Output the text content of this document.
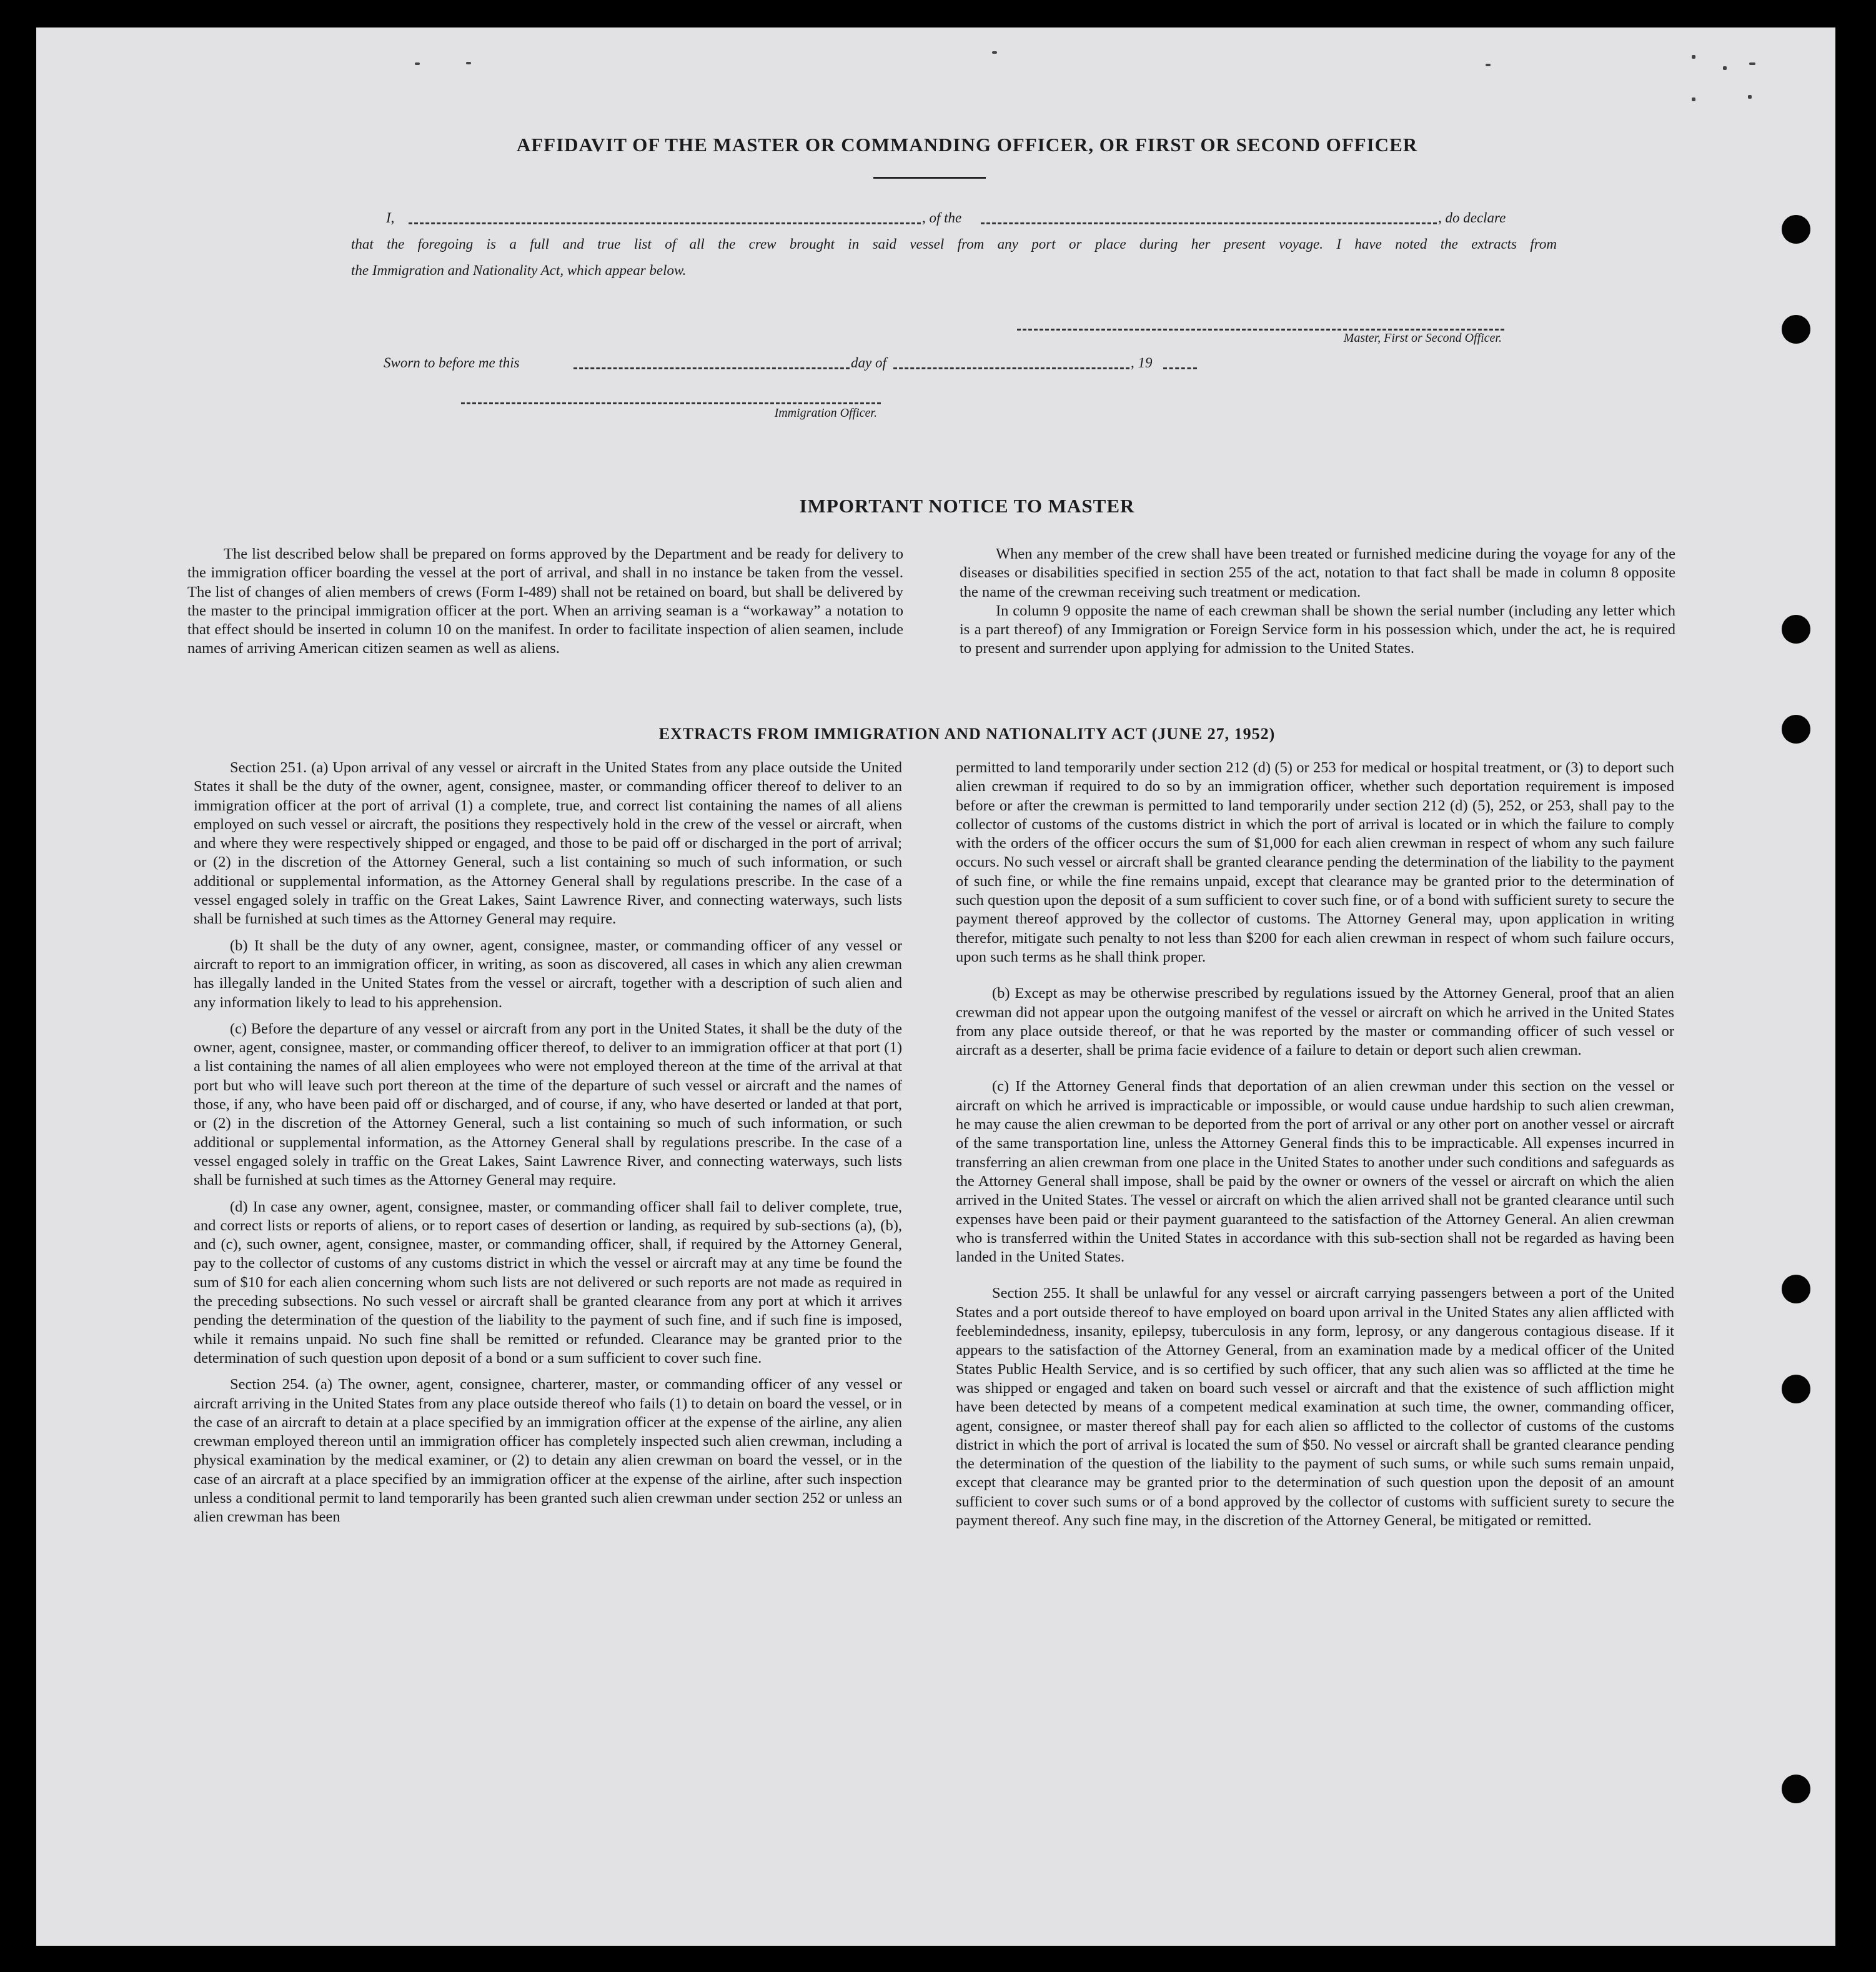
AFFIDAVIT OF THE MASTER OR COMMANDING OFFICER, OR FIRST OR SECOND OFFICER
I,	, of the	, do declare
that the foregoing is a full and true list of all the crew brought in said vessel from any port or place during her present voyage. I have noted the extracts from
the Immigration and Nationality Act, which appear below.
Master, First or Second Officer.
Sworn to before me this	day of	, 19
Immigration Officer.
IMPORTANT NOTICE TO MASTER

The list described below shall be prepared on forms approved by the Department and be ready for delivery to the immigration officer boarding the vessel at the port of arrival, and shall in no instance be taken from the vessel. The list of changes of alien members of crews (Form I-489) shall not be retained on board, but shall be delivered by the master to the principal immigration officer at the port. When an arriving seaman is a “workaway” a notation to that effect should be inserted in column 10 on the manifest. In order to facilitate inspection of alien seamen, include names of arriving American citizen seamen as well as aliens.

When any member of the crew shall have been treated or furnished medicine during the voyage for any of the diseases or disabilities specified in section 255 of the act, notation to that fact shall be made in column 8 opposite the name of the crewman receiving such treatment or medication.

In column 9 opposite the name of each crewman shall be shown the serial number (including any letter which is a part thereof) of any Immigration or Foreign Service form in his possession which, under the act, he is required to present and surrender upon applying for admission to the United States.

EXTRACTS FROM IMMIGRATION AND NATIONALITY ACT (JUNE 27, 1952)

Section 251. (a) Upon arrival of any vessel or aircraft in the United States from any place outside the United States it shall be the duty of the owner, agent, consignee, master, or commanding officer thereof to deliver to an immigration officer at the port of arrival (1) a complete, true, and correct list containing the names of all aliens employed on such vessel or aircraft, the positions they respectively hold in the crew of the vessel or aircraft, when and where they were respectively shipped or engaged, and those to be paid off or discharged in the port of arrival; or (2) in the discretion of the Attorney General, such a list containing so much of such information, or such additional or supplemental information, as the Attorney General shall by regulations prescribe. In the case of a vessel engaged solely in traffic on the Great Lakes, Saint Lawrence River, and connecting waterways, such lists shall be furnished at such times as the Attorney General may require.

(b) It shall be the duty of any owner, agent, consignee, master, or commanding officer of any vessel or aircraft to report to an immigration officer, in writing, as soon as discovered, all cases in which any alien crewman has illegally landed in the United States from the vessel or aircraft, together with a description of such alien and any information likely to lead to his apprehension.

(c) Before the departure of any vessel or aircraft from any port in the United States, it shall be the duty of the owner, agent, consignee, master, or commanding officer thereof, to deliver to an immigration officer at that port (1) a list containing the names of all alien employees who were not employed thereon at the time of the arrival at that port but who will leave such port thereon at the time of the departure of such vessel or aircraft and the names of those, if any, who have been paid off or discharged, and of course, if any, who have deserted or landed at that port, or (2) in the discretion of the Attorney General, such a list containing so much of such information, or such additional or supplemental information, as the Attorney General shall by regulations prescribe. In the case of a vessel engaged solely in traffic on the Great Lakes, Saint Lawrence River, and connecting waterways, such lists shall be furnished at such times as the Attorney General may require.

(d) In case any owner, agent, consignee, master, or commanding officer shall fail to deliver complete, true, and correct lists or reports of aliens, or to report cases of desertion or landing, as required by sub-sections (a), (b), and (c), such owner, agent, consignee, master, or commanding officer, shall, if required by the Attorney General, pay to the collector of customs of any customs district in which the vessel or aircraft may at any time be found the sum of $10 for each alien concerning whom such lists are not delivered or such reports are not made as required in the preceding subsections. No such vessel or aircraft shall be granted clearance from any port at which it arrives pending the determination of the question of the liability to the payment of such fine, and if such fine is imposed, while it remains unpaid. No such fine shall be remitted or refunded. Clearance may be granted prior to the determination of such question upon deposit of a bond or a sum sufficient to cover such fine.

Section 254. (a) The owner, agent, consignee, charterer, master, or commanding officer of any vessel or aircraft arriving in the United States from any place outside thereof who fails (1) to detain on board the vessel, or in the case of an aircraft to detain at a place specified by an immigration officer at the expense of the airline, any alien crewman employed thereon until an immigration officer has completely inspected such alien crewman, including a physical examination by the medical examiner, or (2) to detain any alien crewman on board the vessel, or in the case of an aircraft at a place specified by an immigration officer at the expense of the airline, after such inspection unless a conditional permit to land temporarily has been granted such alien crewman under section 252 or unless an alien crewman has been

permitted to land temporarily under section 212 (d) (5) or 253 for medical or hospital treatment, or (3) to deport such alien crewman if required to do so by an immigration officer, whether such deportation requirement is imposed before or after the crewman is permitted to land temporarily under section 212 (d) (5), 252, or 253, shall pay to the collector of customs of the customs district in which the port of arrival is located or in which the failure to comply with the orders of the officer occurs the sum of $1,000 for each alien crewman in respect of whom any such failure occurs. No such vessel or aircraft shall be granted clearance pending the determination of the liability to the payment of such fine, or while the fine remains unpaid, except that clearance may be granted prior to the determination of such question upon the deposit of a sum sufficient to cover such fine, or of a bond with sufficient surety to secure the payment thereof approved by the collector of customs. The Attorney General may, upon application in writing therefor, mitigate such penalty to not less than $200 for each alien crewman in respect of whom such failure occurs, upon such terms as he shall think proper.

(b) Except as may be otherwise prescribed by regulations issued by the Attorney General, proof that an alien crewman did not appear upon the outgoing manifest of the vessel or aircraft on which he arrived in the United States from any place outside thereof, or that he was reported by the master or commanding officer of such vessel or aircraft as a deserter, shall be prima facie evidence of a failure to detain or deport such alien crewman.

(c) If the Attorney General finds that deportation of an alien crewman under this section on the vessel or aircraft on which he arrived is impracticable or impossible, or would cause undue hardship to such alien crewman, he may cause the alien crewman to be deported from the port of arrival or any other port on another vessel or aircraft of the same transportation line, unless the Attorney General finds this to be impracticable. All expenses incurred in transferring an alien crewman from one place in the United States to another under such conditions and safeguards as the Attorney General shall impose, shall be paid by the owner or owners of the vessel or aircraft on which the alien arrived in the United States. The vessel or aircraft on which the alien arrived shall not be granted clearance until such expenses have been paid or their payment guaranteed to the satisfaction of the Attorney General. An alien crewman who is transferred within the United States in accordance with this sub-section shall not be regarded as having been landed in the United States.

Section 255. It shall be unlawful for any vessel or aircraft carrying passengers between a port of the United States and a port outside thereof to have employed on board upon arrival in the United States any alien afflicted with feeblemindedness, insanity, epilepsy, tuberculosis in any form, leprosy, or any dangerous contagious disease. If it appears to the satisfaction of the Attorney General, from an examination made by a medical officer of the United States Public Health Service, and is so certified by such officer, that any such alien was so afflicted at the time he was shipped or engaged and taken on board such vessel or aircraft and that the existence of such affliction might have been detected by means of a competent medical examination at such time, the owner, commanding officer, agent, consignee, or master thereof shall pay for each alien so afflicted to the collector of customs of the customs district in which the port of arrival is located the sum of $50. No vessel or aircraft shall be granted clearance pending the determination of the question of the liability to the payment of such sums, or while such sums remain unpaid, except that clearance may be granted prior to the determination of such question upon the deposit of an amount sufficient to cover such sums or of a bond approved by the collector of customs with sufficient surety to secure the payment thereof. Any such fine may, in the discretion of the Attorney General, be mitigated or remitted.
